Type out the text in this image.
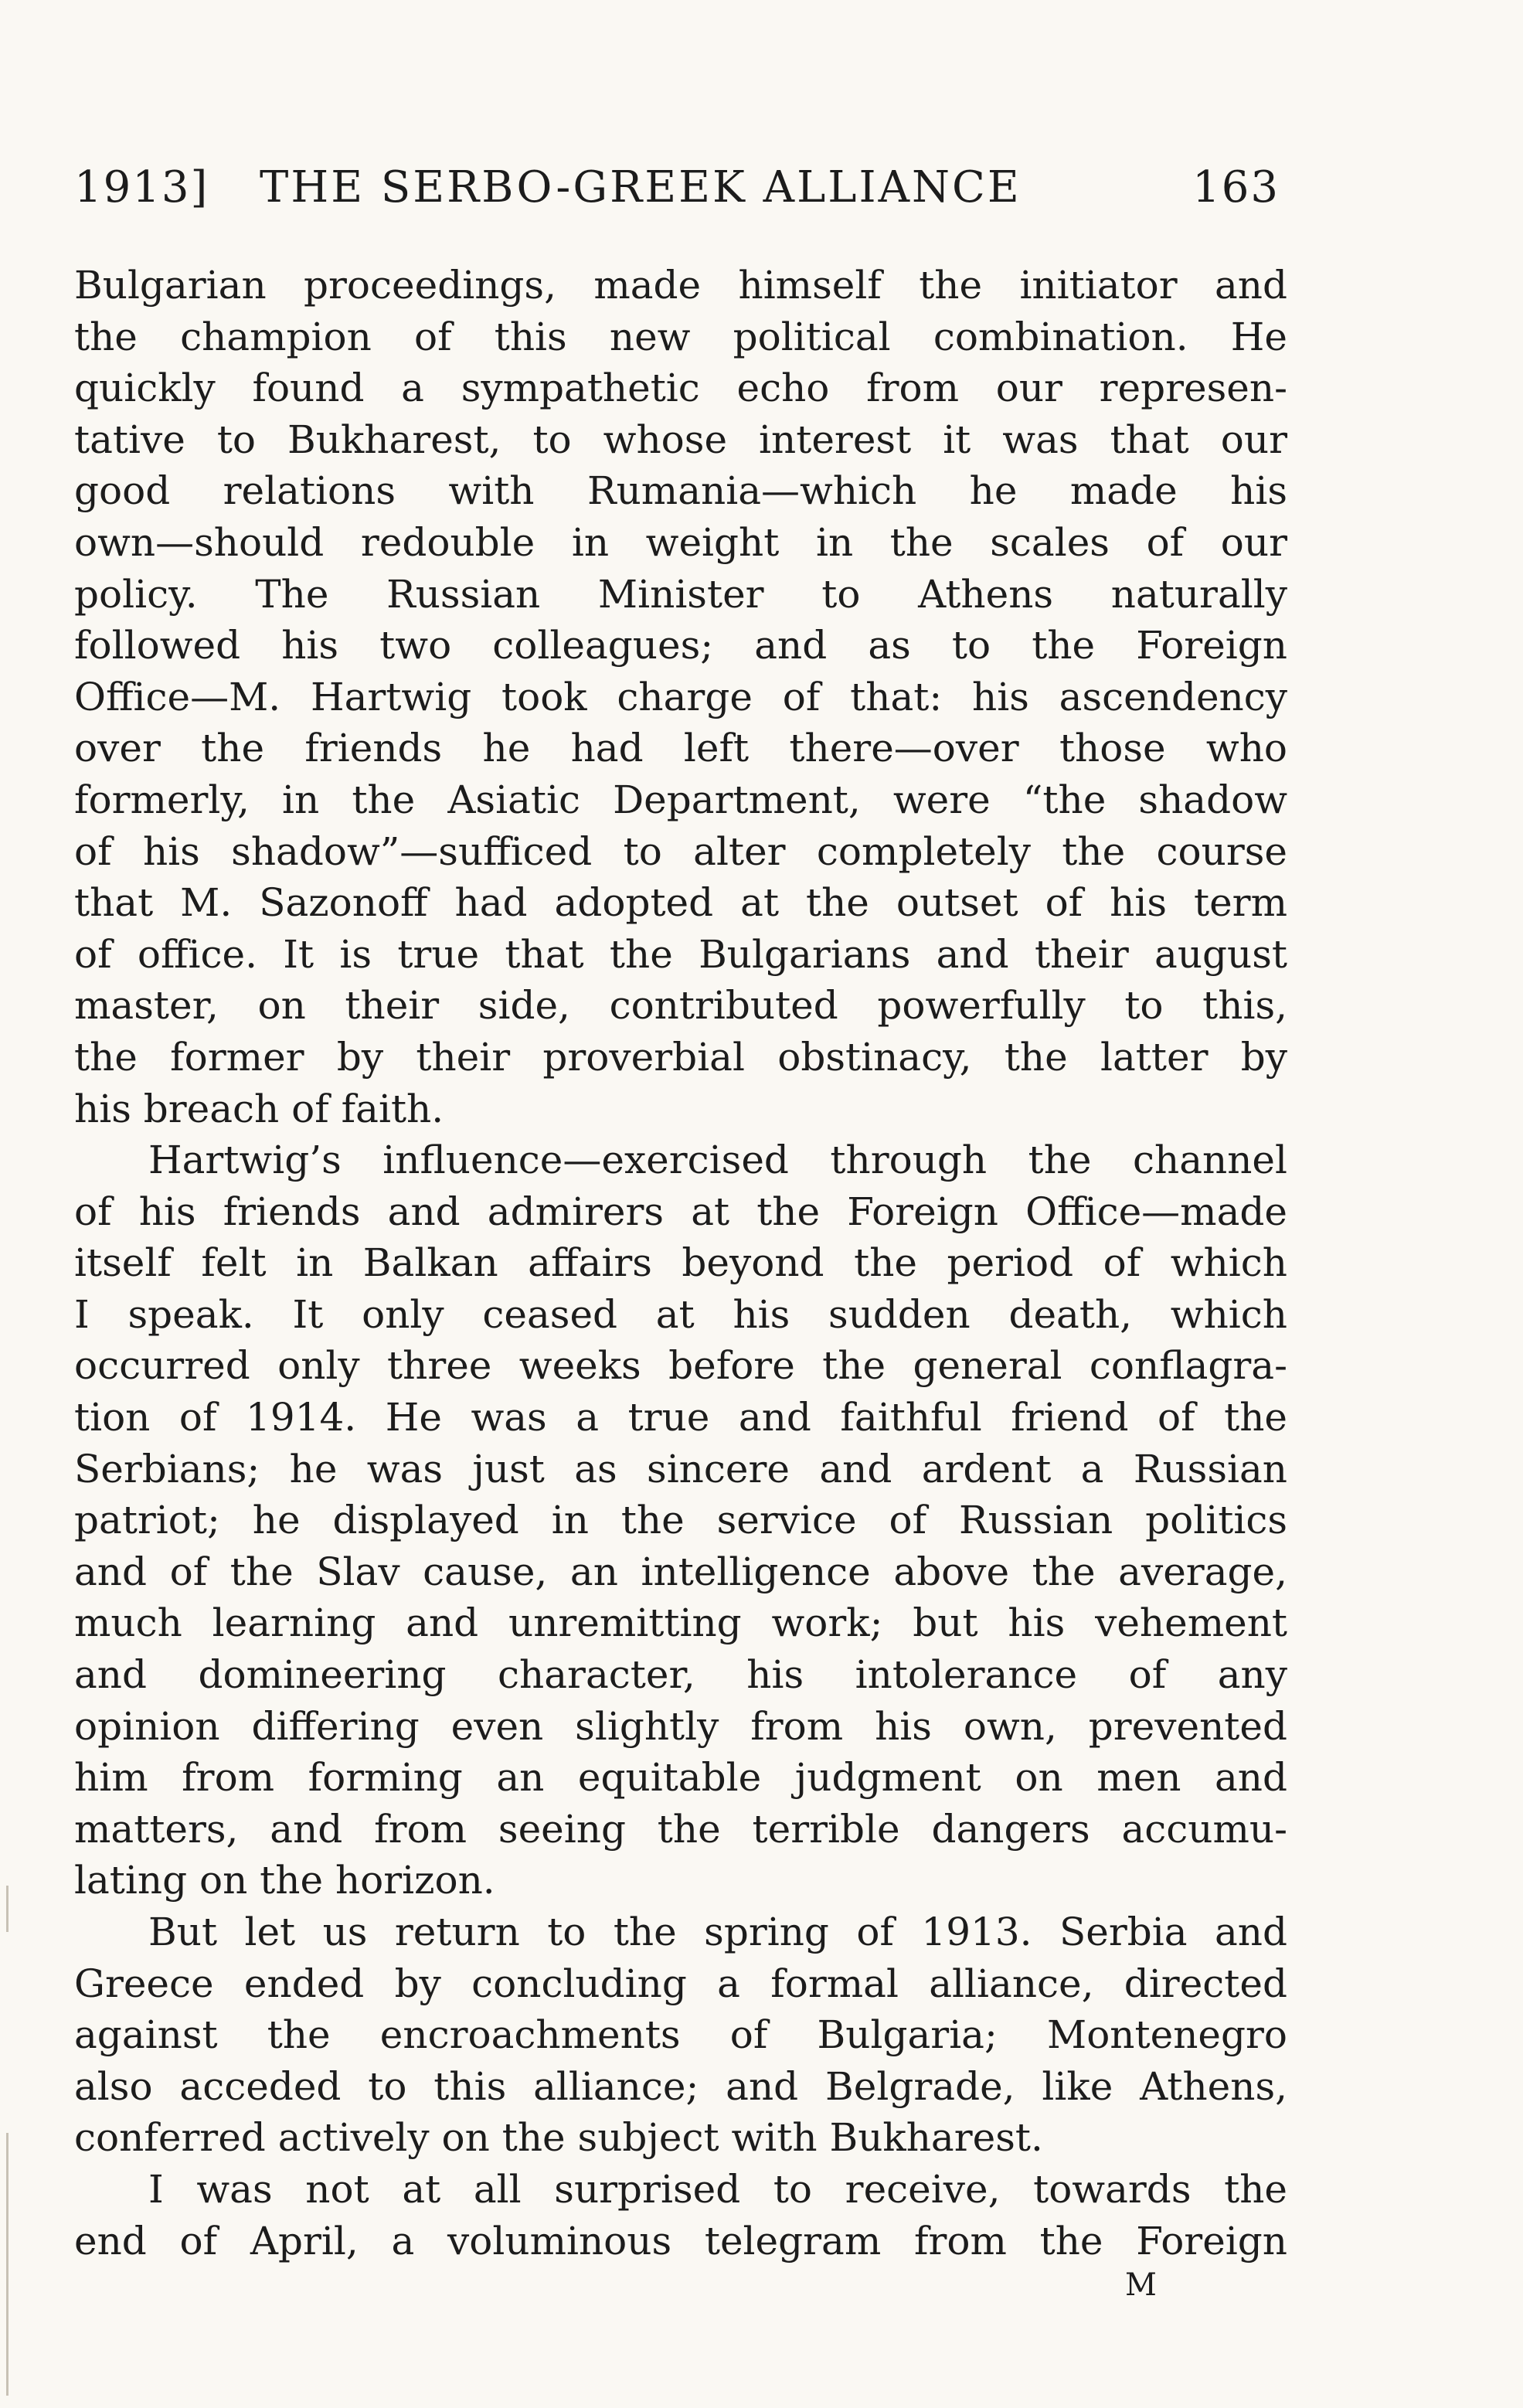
1913] THE SERBO-GREEK ALLIANCE	163
Bulgarian proceedings, made himself the initiator and
the champion of this new political combination. He
quickly found a sympathetic echo from our represen-
tative to Bukharest, to whose interest it was that our
good relations with Rumania—which he made his
own—should redouble in weight in the scales of our
policy. The Russian Minister to Athens naturally
followed his two colleagues; and as to the Foreign
Office—M. Hartwig took charge of that: his ascendency
over the friends he had left there—over those who
formerly, in the Asiatic Department, were “the shadow
of his shadow”—sufficed to alter completely the course
that M. Sazonoff had adopted at the outset of his term
of office. It is true that the Bulgarians and their august
master, on their side, contributed powerfully to this,
the former by their proverbial obstinacy, the latter by
his breach of faith.
Hartwig’s influence—exercised through the channel
of his friends and admirers at the Foreign Office—made
itself felt in Balkan affairs beyond the period of which
I speak. It only ceased at his sudden death, which
occurred only three weeks before the general conflagra-
tion of 1914. He was a true and faithful friend of the
Serbians; he was just as sincere and ardent a Russian
patriot; he displayed in the service of Russian politics
and of the Slav cause, an intelligence above the average,
much learning and unremitting work; but his vehement
and domineering character, his intolerance of any
opinion differing even slightly from his own, prevented
him from forming an equitable judgment on men and
matters, and from seeing the terrible dangers accumu-
lating on the horizon.
But let us return to the spring of 1913. Serbia and
Greece ended by concluding a formal alliance, directed
against the encroachments of Bulgaria; Montenegro
also acceded to this alliance; and Belgrade, like Athens,
conferred actively on the subject with Bukharest.
I was not at all surprised to receive, towards the
end of April, a voluminous telegram from the Foreign
M
